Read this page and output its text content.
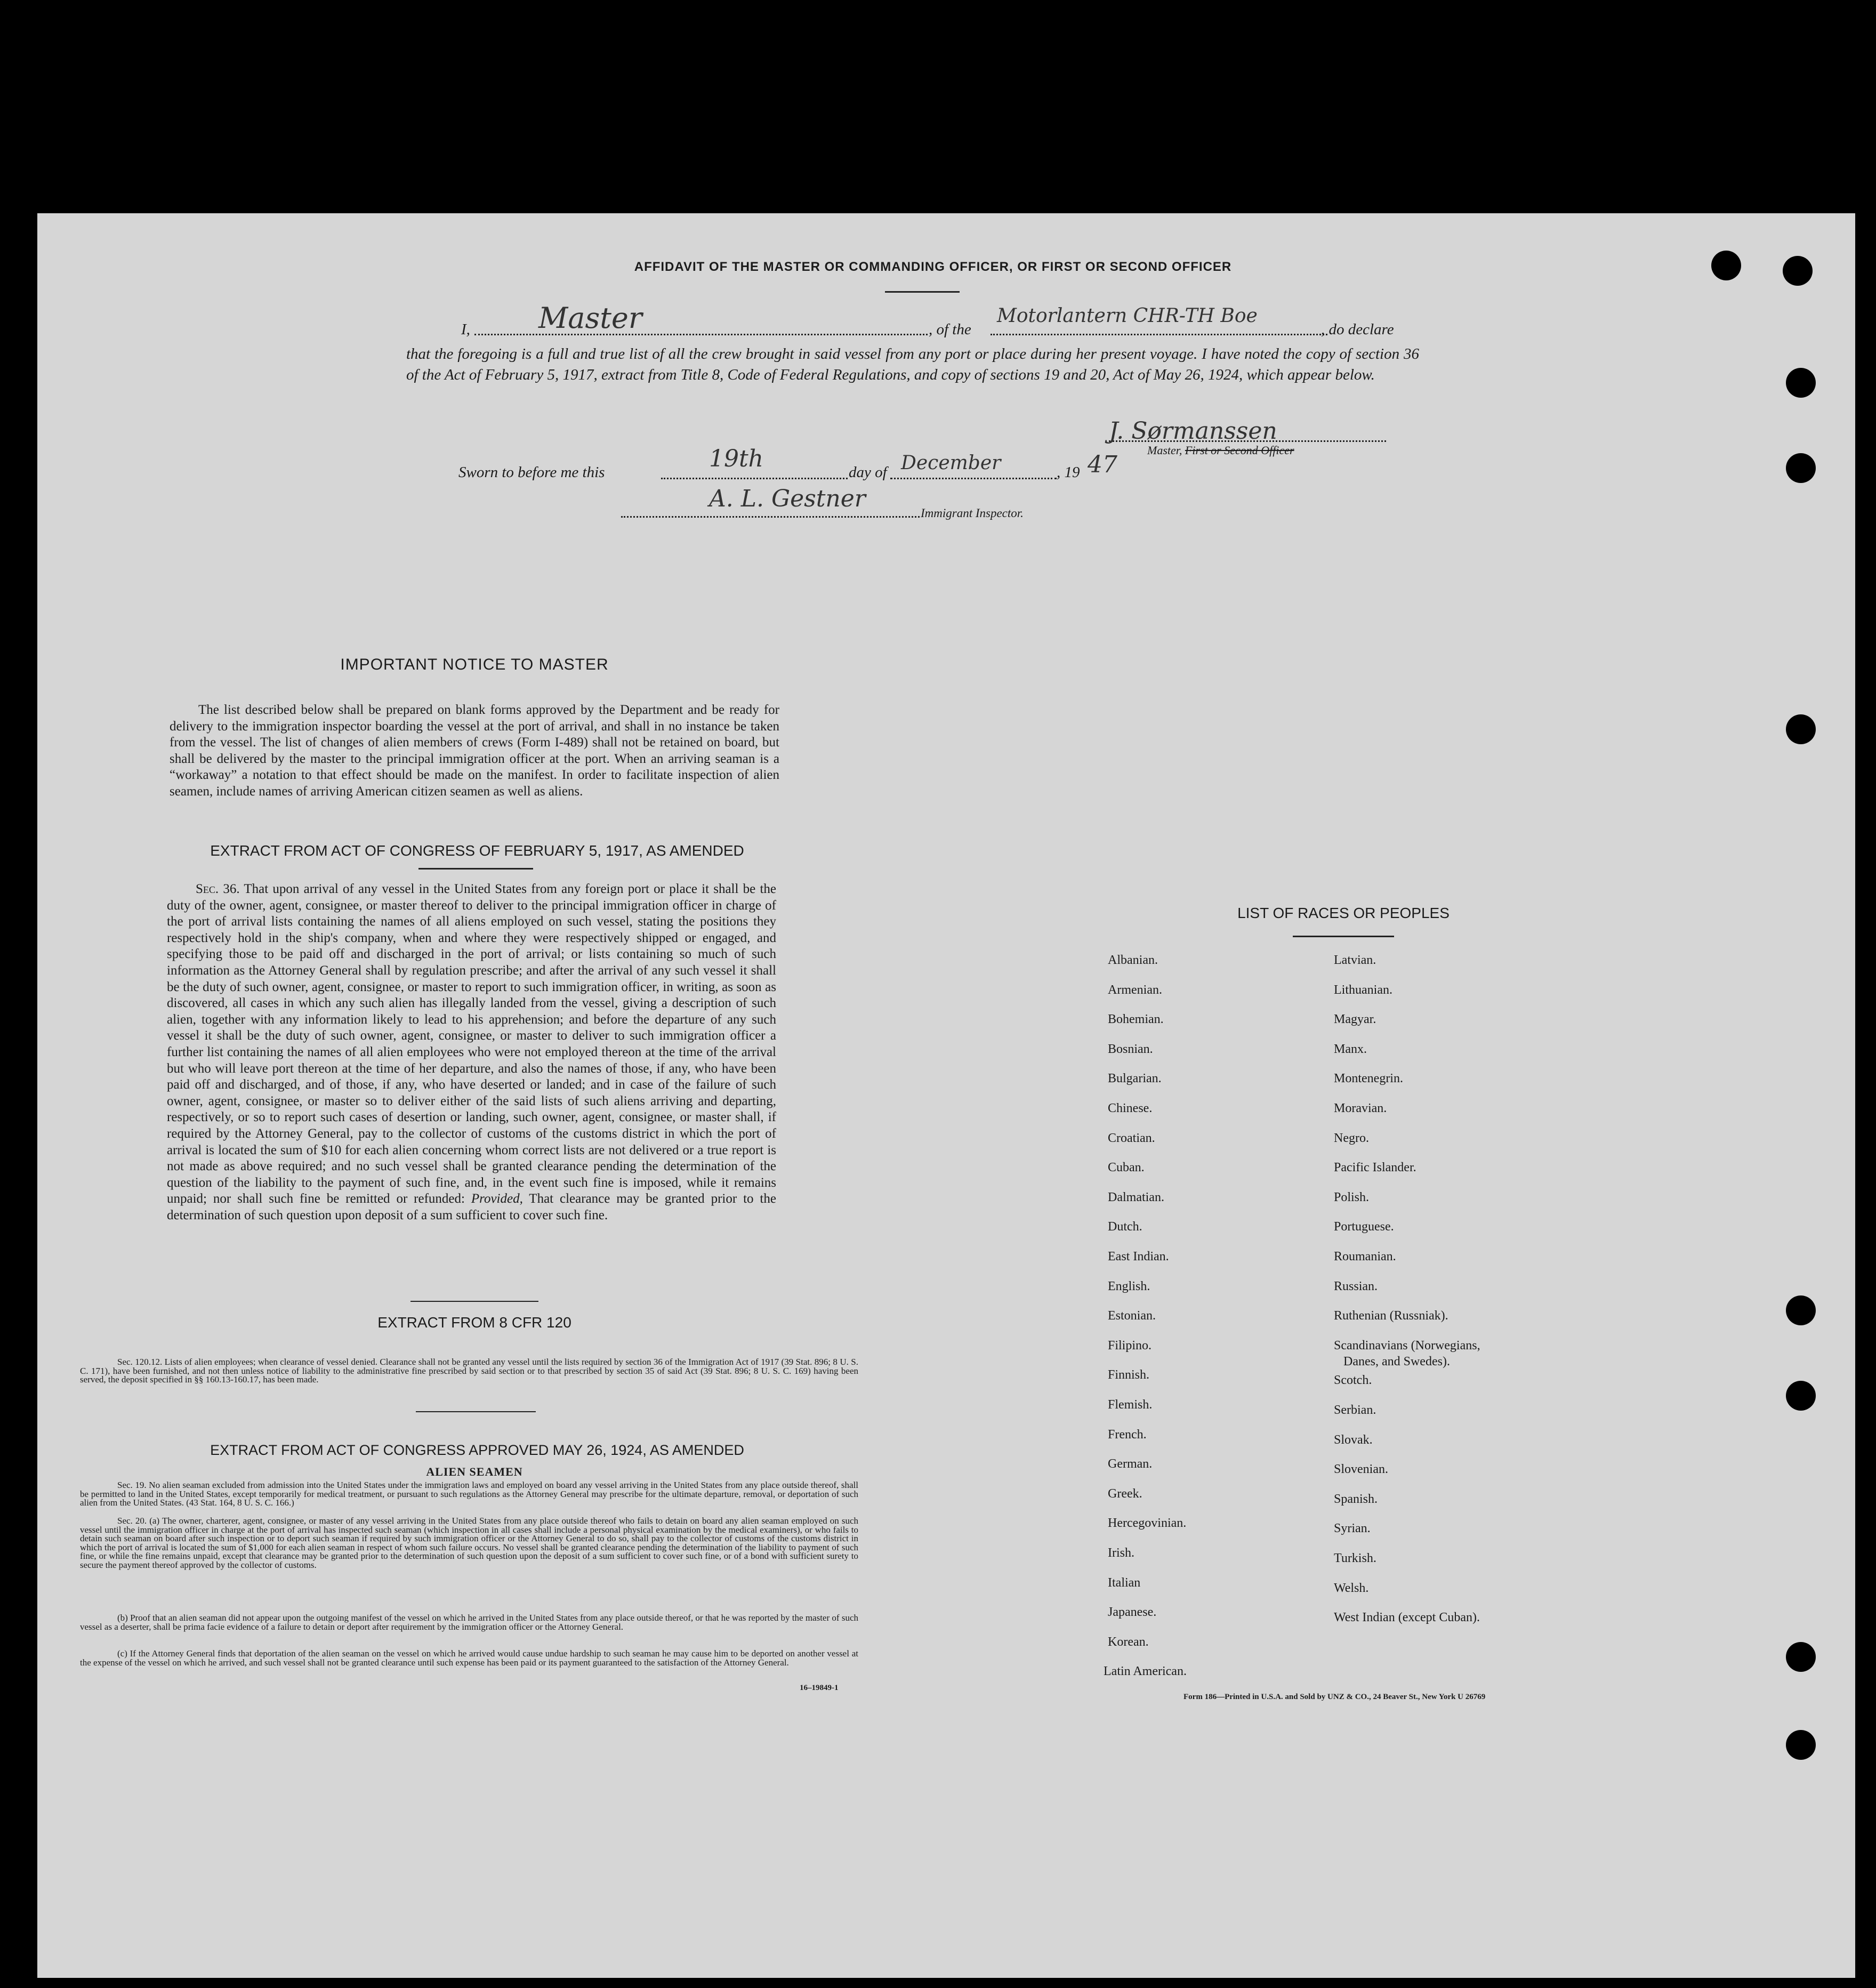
AFFIDAVIT OF THE MASTER OR COMMANDING OFFICER, OR FIRST OR SECOND OFFICER
I, Master	, of the
Motorlantern CHR-TH Boe
, do declare
that the foregoing is a full and true list of all the crew brought in said vessel from any port or place during her present voyage. I have noted the copy of section 36 of the Act of February 5, 1917, extract from Title 8, Code of Federal Regulations, and copy of sections 19 and 20, Act of May 26, 1924, which appear below.
J. Sørmanssen
Master, First or Second Officer
Sworn to before me this	19th	day of December	, 19 47
A. L. Gestner
Immigrant Inspector.
IMPORTANT NOTICE TO MASTER
The list described below shall be prepared on blank forms approved by the Department and be ready for delivery to the immigration inspector boarding the vessel at the port of arrival, and shall in no instance be taken from the vessel. The list of changes of alien members of crews (Form I-489) shall not be retained on board, but shall be delivered by the master to the principal immigration officer at the port. When an arriving seaman is a “workaway” a notation to that effect should be made on the manifest. In order to facilitate inspection of alien seamen, include names of arriving American citizen seamen as well as aliens.
EXTRACT FROM ACT OF CONGRESS OF FEBRUARY 5, 1917, AS AMENDED
Sec. 36. That upon arrival of any vessel in the United States from any foreign port or place it shall be the duty of the owner, agent, consignee, or master thereof to deliver to the principal immigration officer in charge of the port of arrival lists containing the names of all aliens employed on such vessel, stating the positions they respectively hold in the ship's company, when and where they were respectively shipped or engaged, and specifying those to be paid off and discharged in the port of arrival; or lists containing so much of such information as the Attorney General shall by regulation prescribe; and after the arrival of any such vessel it shall be the duty of such owner, agent, consignee, or master to report to such immigration officer, in writing, as soon as discovered, all cases in which any such alien has illegally landed from the vessel, giving a description of such alien, together with any information likely to lead to his apprehension; and before the departure of any such vessel it shall be the duty of such owner, agent, consignee, or master to deliver to such immigration officer a further list containing the names of all alien employees who were not employed thereon at the time of the arrival but who will leave port thereon at the time of her departure, and also the names of those, if any, who have been paid off and discharged, and of those, if any, who have deserted or landed; and in case of the failure of such owner, agent, consignee, or master so to deliver either of the said lists of such aliens arriving and departing, respectively, or so to report such cases of desertion or landing, such owner, agent, consignee, or master shall, if required by the Attorney General, pay to the collector of customs of the customs district in which the port of arrival is located the sum of $10 for each alien concerning whom correct lists are not delivered or a true report is not made as above required; and no such vessel shall be granted clearance pending the determination of the question of the liability to the payment of such fine, and, in the event such fine is imposed, while it remains unpaid; nor shall such fine be remitted or refunded: Provided, That clearance may be granted prior to the determination of such question upon deposit of a sum sufficient to cover such fine.
EXTRACT FROM 8 CFR 120
Sec. 120.12. Lists of alien employees; when clearance of vessel denied. Clearance shall not be granted any vessel until the lists required by section 36 of the Immigration Act of 1917 (39 Stat. 896; 8 U. S. C. 171), have been furnished, and not then unless notice of liability to the administrative fine prescribed by said section or to that prescribed by section 35 of said Act (39 Stat. 896; 8 U. S. C. 169) having been served, the deposit specified in §§ 160.13-160.17, has been made.
EXTRACT FROM ACT OF CONGRESS APPROVED MAY 26, 1924, AS AMENDED
ALIEN SEAMEN
Sec. 19. No alien seaman excluded from admission into the United States under the immigration laws and employed on board any vessel arriving in the United States from any place outside thereof, shall be permitted to land in the United States, except temporarily for medical treatment, or pursuant to such regulations as the Attorney General may prescribe for the ultimate departure, removal, or deportation of such alien from the United States. (43 Stat. 164, 8 U. S. C. 166.)
Sec. 20. (a) The owner, charterer, agent, consignee, or master of any vessel arriving in the United States from any place outside thereof who fails to detain on board any alien seaman employed on such vessel until the immigration officer in charge at the port of arrival has inspected such seaman (which inspection in all cases shall include a personal physical examination by the medical examiners), or who fails to detain such seaman on board after such inspection or to deport such seaman if required by such immigration officer or the Attorney General to do so, shall pay to the collector of customs of the customs district in which the port of arrival is located the sum of $1,000 for each alien seaman in respect of whom such failure occurs. No vessel shall be granted clearance pending the determination of the liability to payment of such fine, or while the fine remains unpaid, except that clearance may be granted prior to the determination of such question upon the deposit of a sum sufficient to cover such fine, or of a bond with sufficient surety to secure the payment thereof approved by the collector of customs.
(b) Proof that an alien seaman did not appear upon the outgoing manifest of the vessel on which he arrived in the United States from any place outside thereof, or that he was reported by the master of such vessel as a deserter, shall be prima facie evidence of a failure to detain or deport after requirement by the immigration officer or the Attorney General.
(c) If the Attorney General finds that deportation of the alien seaman on the vessel on which he arrived would cause undue hardship to such seaman he may cause him to be deported on another vessel at the expense of the vessel on which he arrived, and such vessel shall not be granted clearance until such expense has been paid or its payment guaranteed to the satisfaction of the Attorney General.
16–19849-1
LIST OF RACES OR PEOPLES
Albanian.
Armenian.
Bohemian.
Bosnian.
Bulgarian.
Chinese.
Croatian.
Cuban.
Dalmatian.
Dutch.
East Indian.
English.
Estonian.
Filipino.
Finnish.
Flemish.
French.
German.
Greek.
Hercegovinian.
Irish.
Italian
Japanese.
Korean.
Latin American.
Latvian.
Lithuanian.
Magyar.
Manx.
Montenegrin.
Moravian.
Negro.
Pacific Islander.
Polish.
Portuguese.
Roumanian.
Russian.
Ruthenian (Russniak).
Scandinavians (Norwegians,
Danes, and Swedes).
Scotch.
Serbian.
Slovak.
Slovenian.
Spanish.
Syrian.
Turkish.
Welsh.
West Indian (except Cuban).
Form 186—Printed in U.S.A. and Sold by UNZ & CO., 24 Beaver St., New York U 26769
